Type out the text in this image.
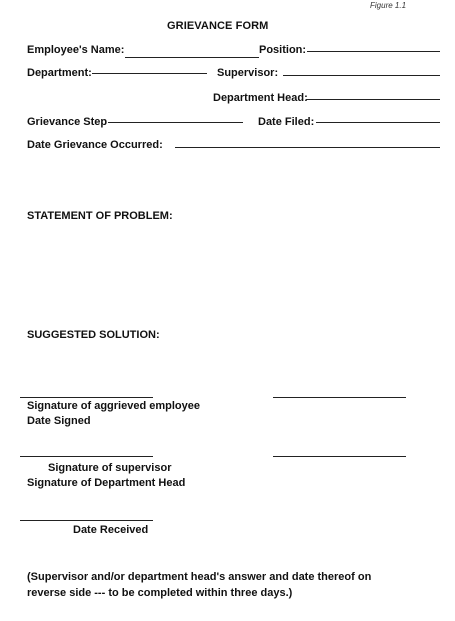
Figure 1.1
GRIEVANCE FORM
Employee's Name:	Position:
Department:	Supervisor:
Department Head:
Grievance Step	Date Filed:
Date Grievance Occurred:
STATEMENT OF PROBLEM:
SUGGESTED SOLUTION:
Signature of aggrieved employee
Date Signed
Signature of supervisor
Signature of Department Head
Date Received
(Supervisor and/or department head's answer and date thereof on reverse side --- to be completed within three days.)
